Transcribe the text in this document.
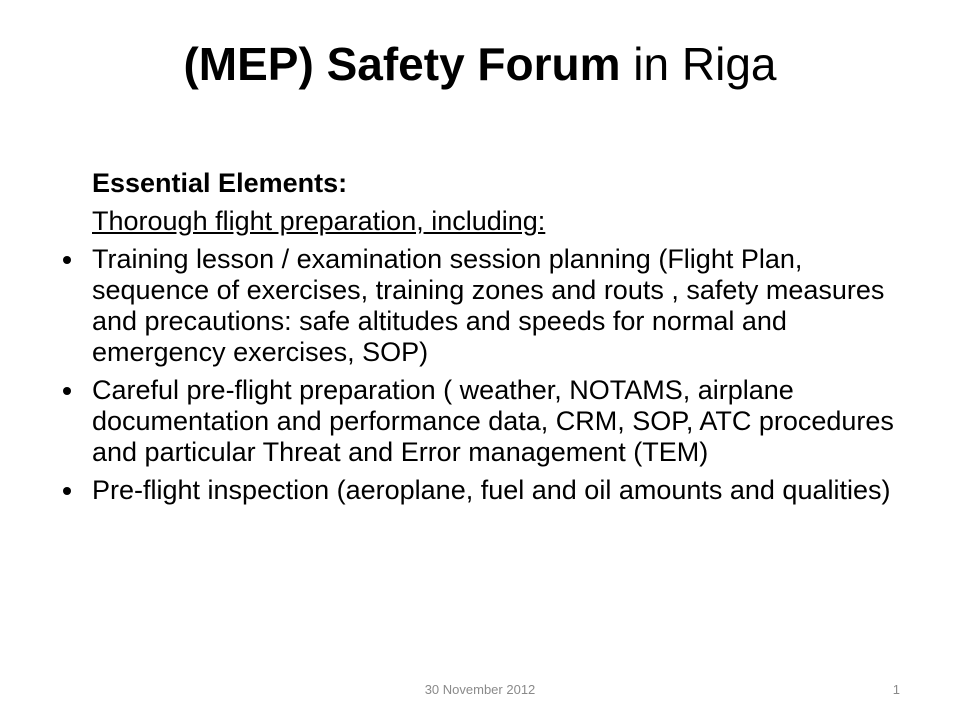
(MEP) Safety Forum in Riga
Essential Elements:
Thorough flight preparation, including:
Training lesson / examination session planning (Flight Plan, sequence of exercises, training zones and routs , safety measures and precautions: safe altitudes and speeds for normal and emergency exercises, SOP)
Careful pre-flight preparation ( weather, NOTAMS, airplane documentation and performance data, CRM, SOP, ATC procedures and particular Threat and Error management (TEM)
Pre-flight inspection (aeroplane, fuel and oil amounts and qualities)
30 November 2012	1
